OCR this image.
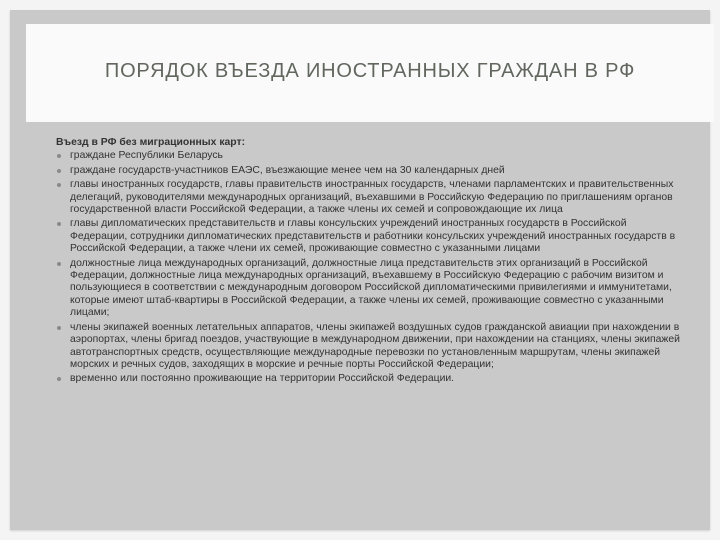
ПОРЯДОК ВЪЕЗДА ИНОСТРАННЫХ ГРАЖДАН В РФ
Въезд в РФ без миграционных карт:
граждане Республики Беларусь
граждане государств-участников ЕАЭС, въезжающие менее чем на 30 календарных дней
главы иностранных государств, главы правительств иностранных государств, членами парламентских и правительственных делегаций, руководителями международных организаций, въехавшими в Российскую Федерацию по приглашениям органов государственной власти Российской Федерации, а также члены их семей и сопровождающие их лица
главы дипломатических представительств и главы консульских учреждений иностранных государств в Российской Федерации, сотрудники дипломатических представительств и работники консульских учреждений иностранных государств в Российской Федерации, а также члени их семей, проживающие совместно с указанными лицами
должностные лица международных организаций, должностные лица представительств этих организаций в Российской Федерации, должностные лица международных организаций, въехавшему в Российскую Федерацию с рабочим визитом и пользующиеся в соответствии с международным договором Российской дипломатическими привилегиями и иммунитетами, которые имеют штаб-квартиры в Российской Федерации, а также члены их семей, проживающие совместно с указанными лицами;
члены экипажей военных летательных аппаратов, члены экипажей воздушных судов гражданской авиации при нахождении в аэропортах, члены бригад поездов, участвующие в международном движении, при нахождении на станциях, члены экипажей автотранспортных средств, осуществляющие международные перевозки по установленным маршрутам, члены экипажей морских и речных судов, заходящих в морские и речные порты Российской Федерации;
временно или постоянно проживающие на территории Российской Федерации.
